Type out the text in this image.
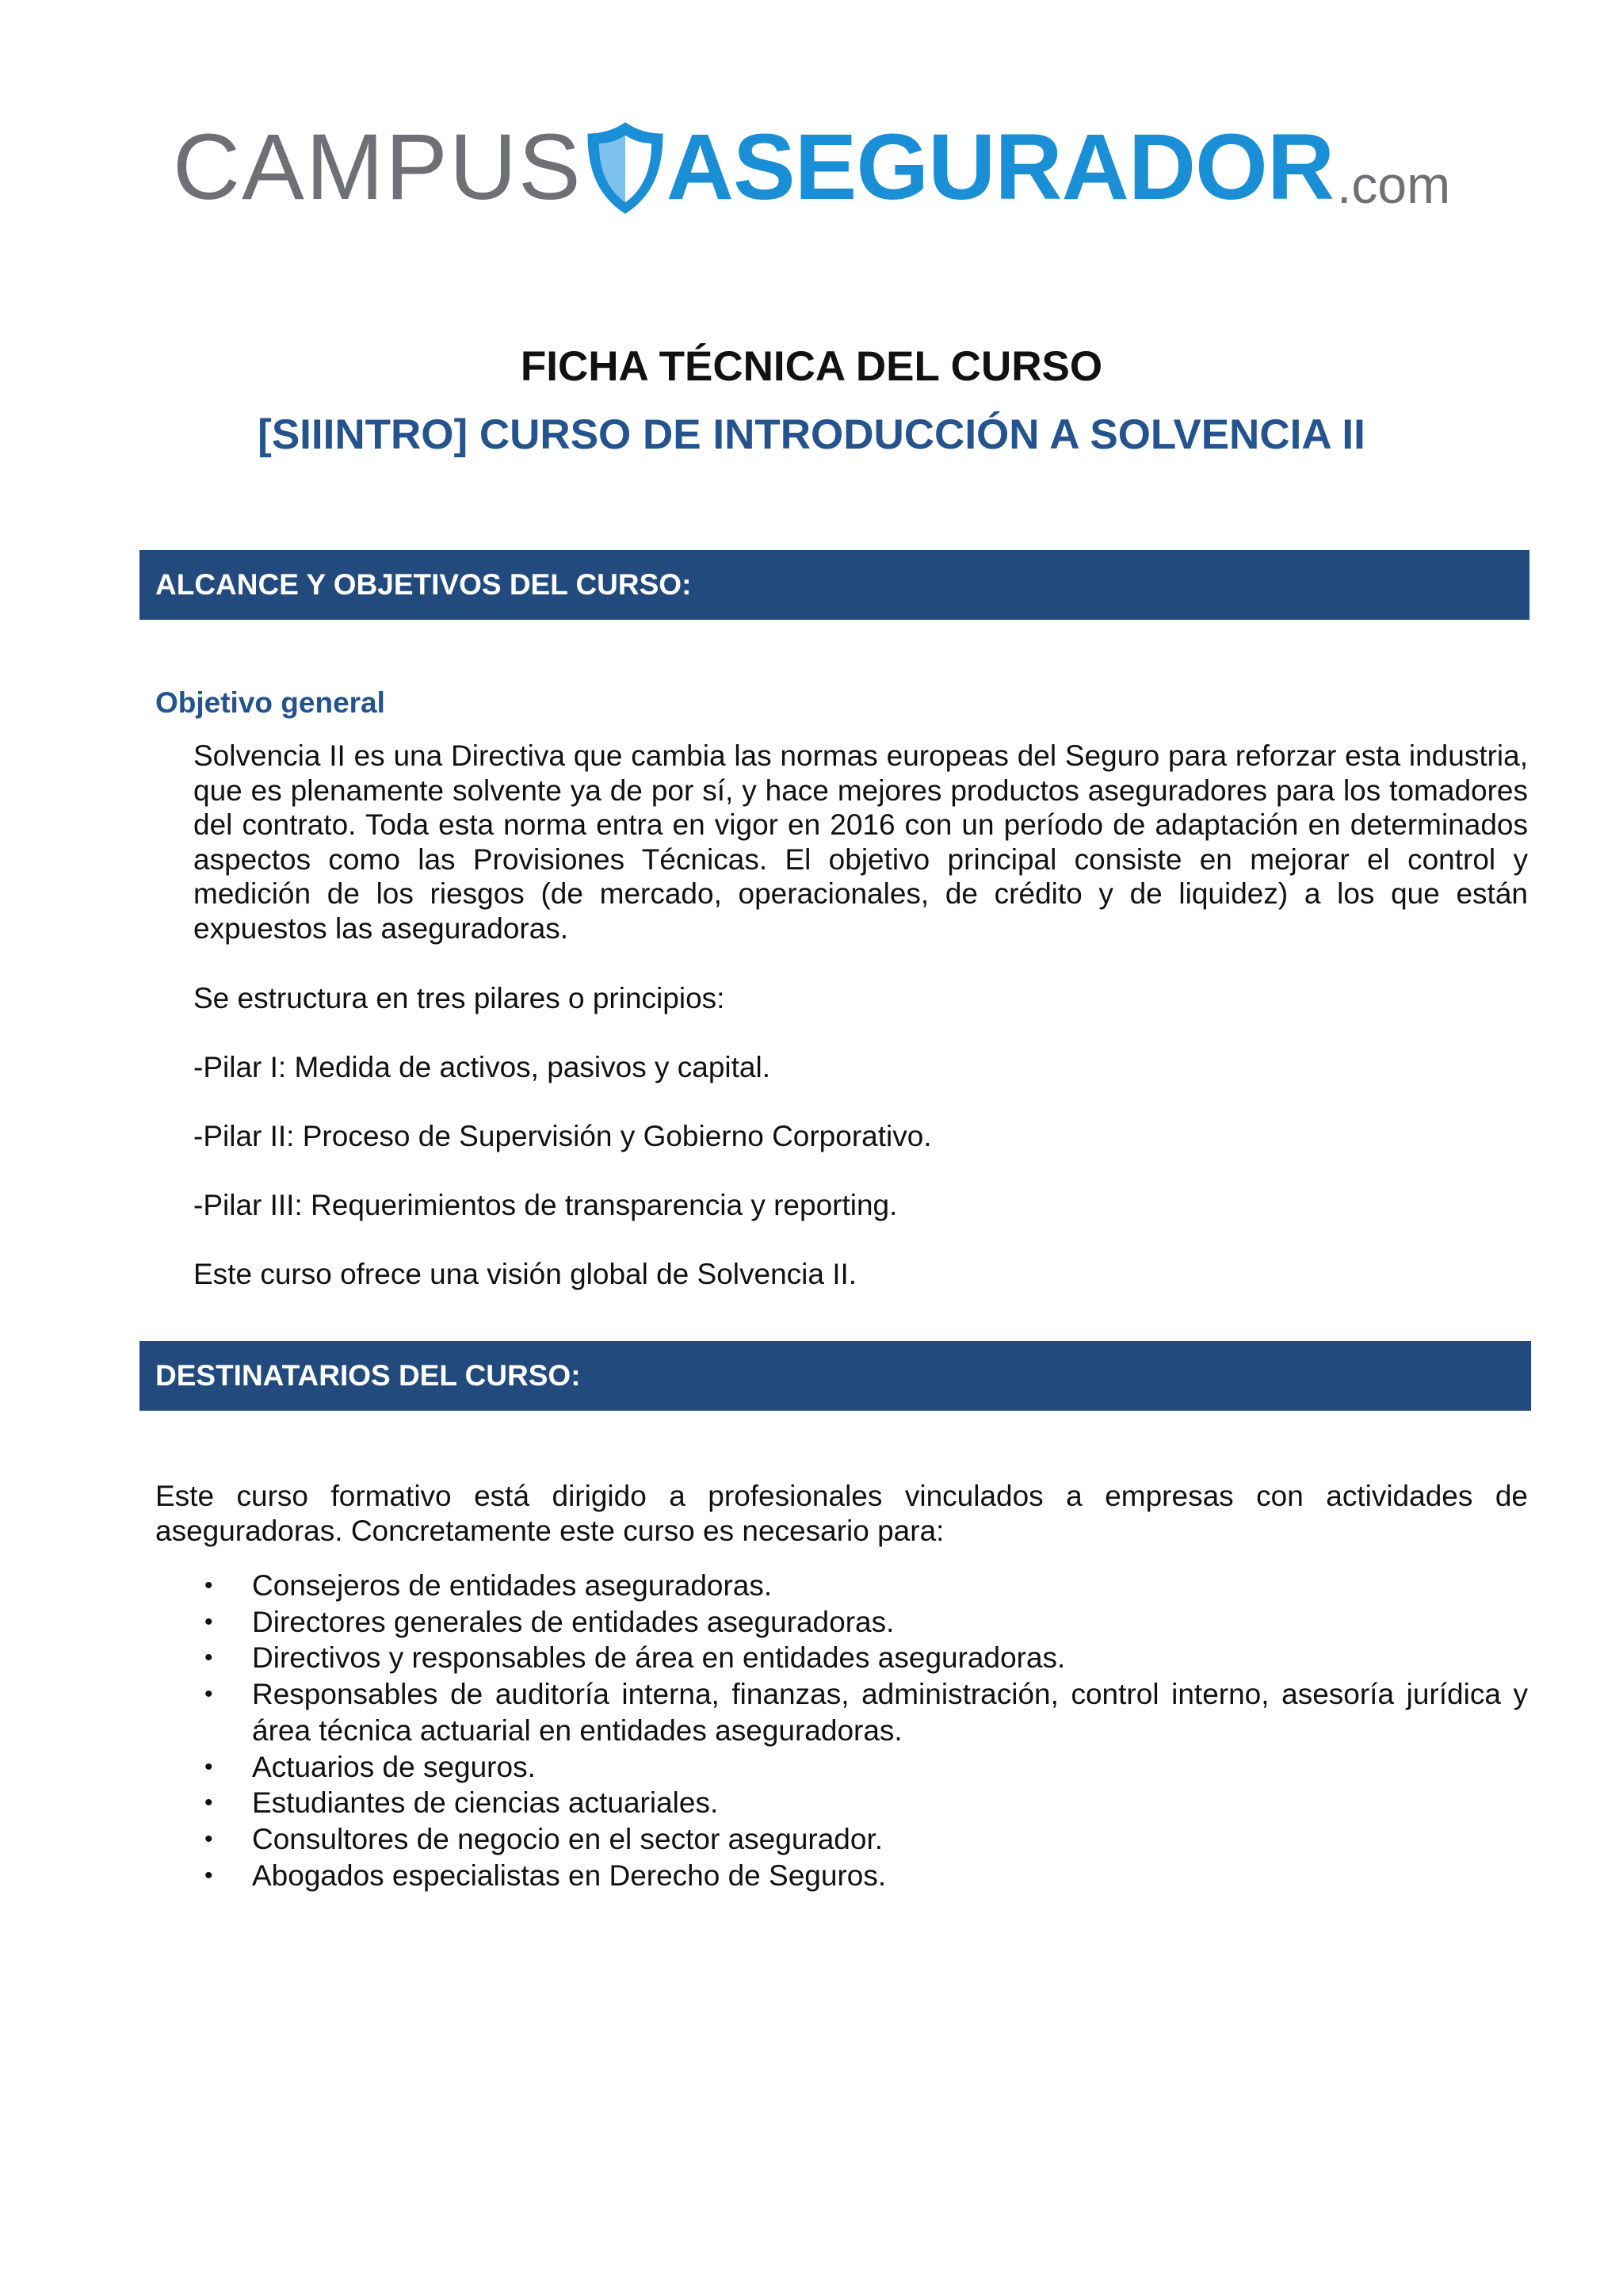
CAMPUS ASEGURADOR .com
FICHA TÉCNICA DEL CURSO
[SIIINTRO] CURSO DE INTRODUCCIÓN A SOLVENCIA II
ALCANCE Y OBJETIVOS DEL CURSO:
Objetivo general
Solvencia II es una Directiva que cambia las normas europeas del Seguro para reforzar esta industria, que es plenamente solvente ya de por sí, y hace mejores productos aseguradores para los tomadores del contrato. Toda esta norma entra en vigor en 2016 con un período de adaptación en determinados aspectos como las Provisiones Técnicas. El objetivo principal consiste en mejorar el control y medición de los riesgos (de mercado, operacionales, de crédito y de liquidez) a los que están expuestos las aseguradoras.
Se estructura en tres pilares o principios:
-Pilar I: Medida de activos, pasivos y capital.
-Pilar II: Proceso de Supervisión y Gobierno Corporativo.
-Pilar III: Requerimientos de transparencia y reporting.
Este curso ofrece una visión global de Solvencia II.
DESTINATARIOS DEL CURSO:
Este curso formativo está dirigido a profesionales vinculados a empresas con actividades de aseguradoras. Concretamente este curso es necesario para:
• Consejeros de entidades aseguradoras.
• Directores generales de entidades aseguradoras.
• Directivos y responsables de área en entidades aseguradoras.
• Responsables de auditoría interna, finanzas, administración, control interno, asesoría jurídica y área técnica actuarial en entidades aseguradoras.
• Actuarios de seguros.
• Estudiantes de ciencias actuariales.
• Consultores de negocio en el sector asegurador.
• Abogados especialistas en Derecho de Seguros.
